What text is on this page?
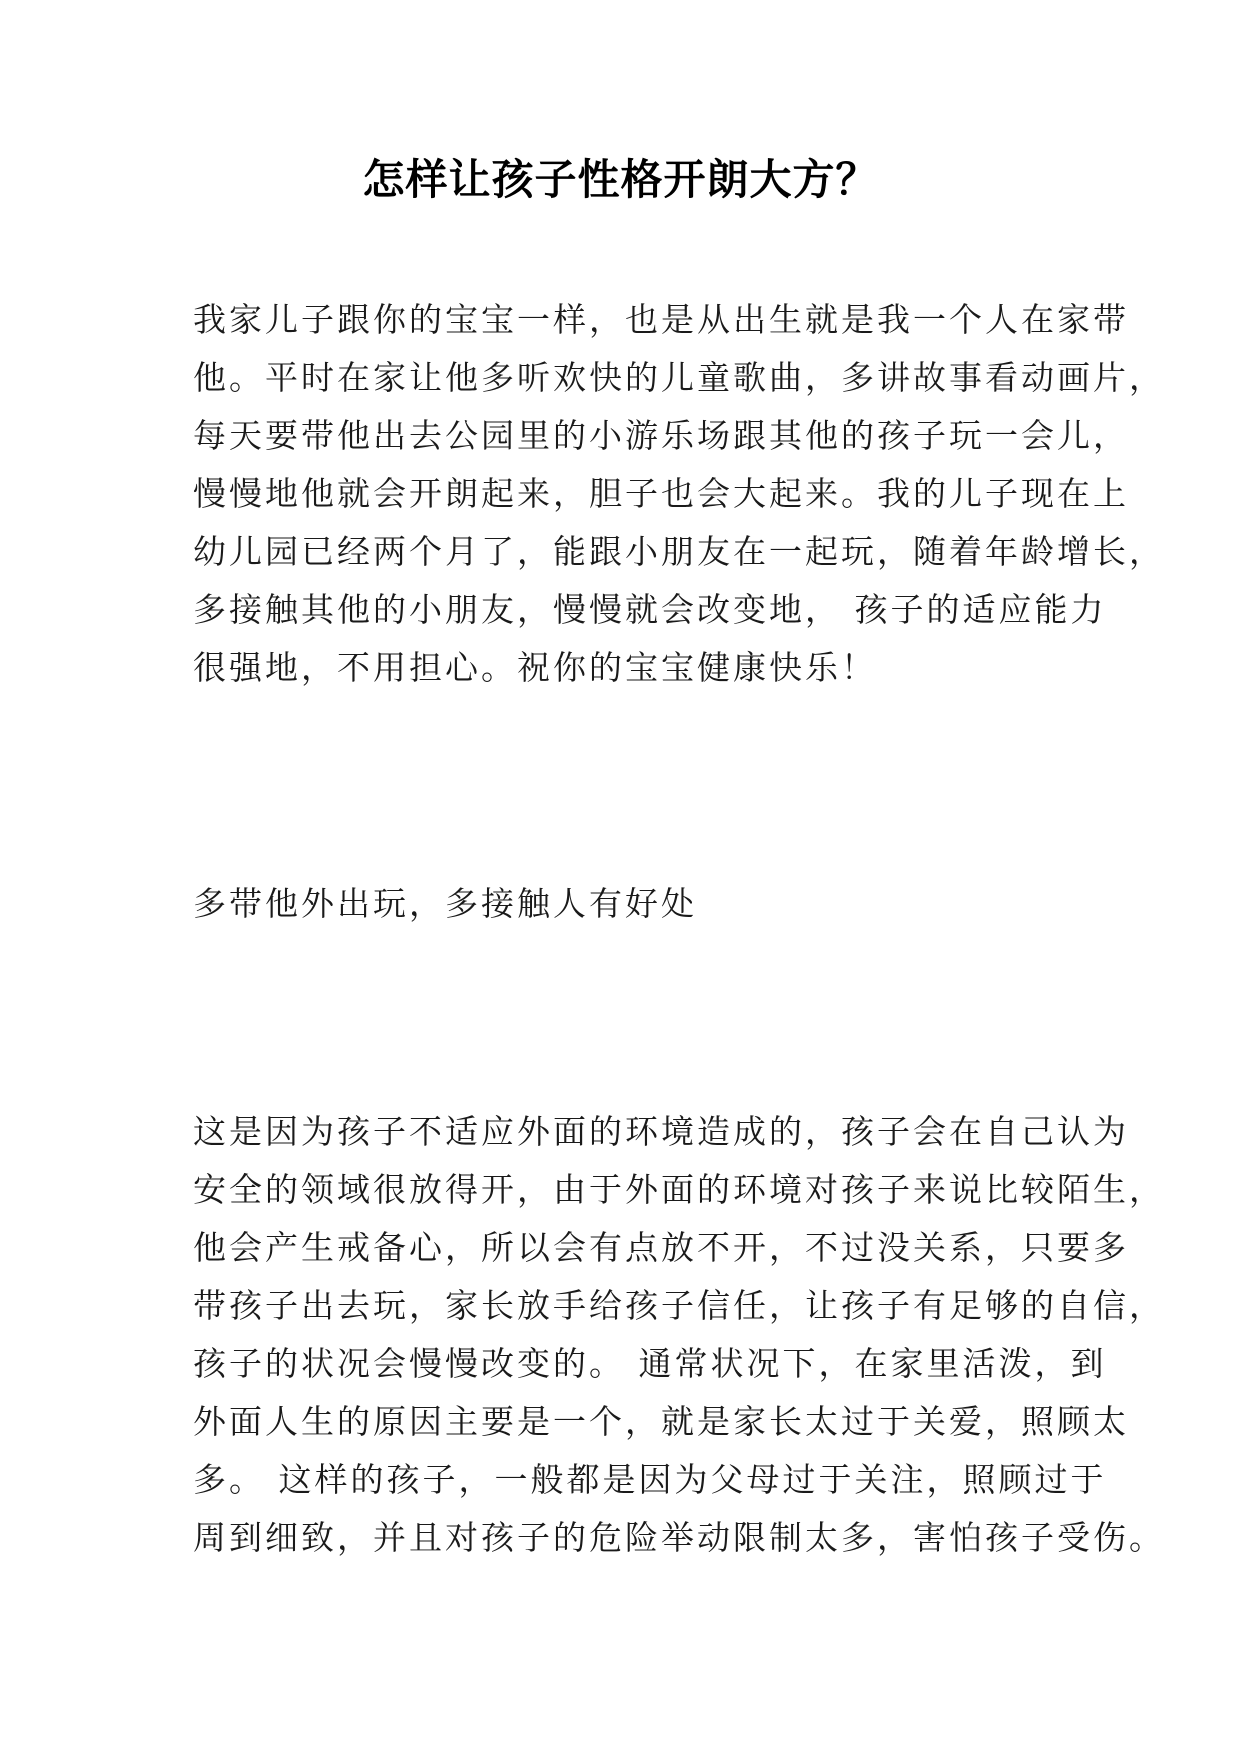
怎样让孩子性格开朗大方？

我家儿子跟你的宝宝一样，也是从出生就是我一个人在家带
他。平时在家让他多听欢快的儿童歌曲，多讲故事看动画片，
每天要带他出去公园里的小游乐场跟其他的孩子玩一会儿，
慢慢地他就会开朗起来，胆子也会大起来。我的儿子现在上
幼儿园已经两个月了，能跟小朋友在一起玩，随着年龄增长，
多接触其他的小朋友，慢慢就会改变地， 孩子的适应能力
很强地，不用担心。祝你的宝宝健康快乐！

多带他外出玩，多接触人有好处

这是因为孩子不适应外面的环境造成的，孩子会在自己认为
安全的领域很放得开，由于外面的环境对孩子来说比较陌生，
他会产生戒备心，所以会有点放不开，不过没关系，只要多
带孩子出去玩，家长放手给孩子信任，让孩子有足够的自信，
孩子的状况会慢慢改变的。 通常状况下，在家里活泼，到
外面人生的原因主要是一个，就是家长太过于关爱，照顾太
多。 这样的孩子，一般都是因为父母过于关注，照顾过于
周到细致，并且对孩子的危险举动限制太多，害怕孩子受伤。
